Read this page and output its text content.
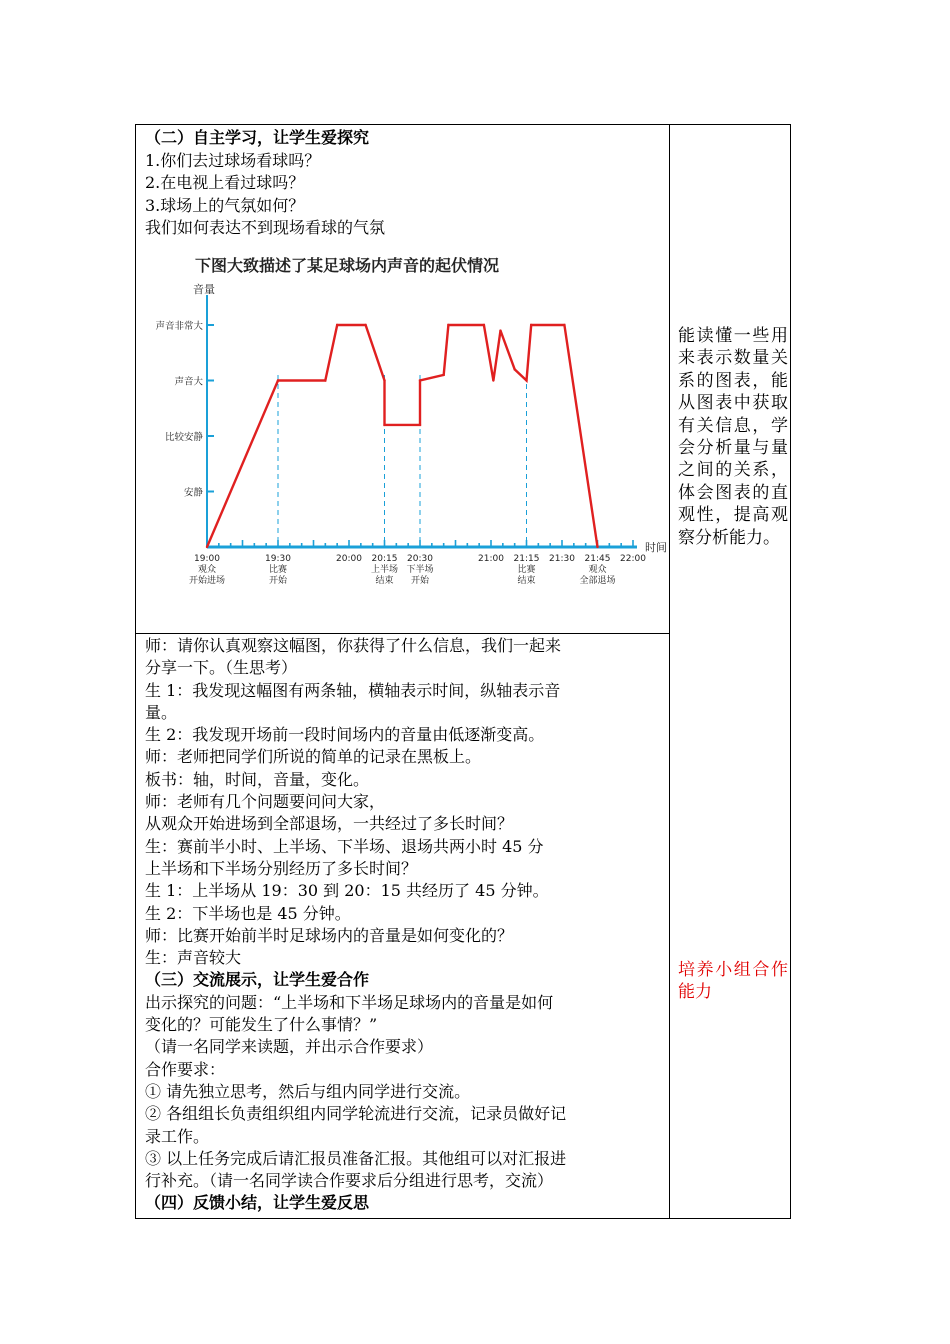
（二）自主学习，让学生爱探究
1.你们去过球场看球吗？
2.在电视上看过球吗？
3.球场上的气氛如何？
我们如何表达不到现场看球的气氛
下图大致描述了某足球场内声音的起伏情况
音量
时间
安静
比较安静
声音大
声音非常大
19:00
观众
开始进场
19:30
比赛
开始
20:00 20:15
上半场
结束
20:30
下半场
开始
21:00 21:15
比赛
结束
21:30 21:45
观众
全部退场
22:00
师：请你认真观察这幅图，你获得了什么信息，我们一起来
分享一下。（生思考）
生 1：我发现这幅图有两条轴，横轴表示时间，纵轴表示音
量。
生 2：我发现开场前一段时间场内的音量由低逐渐变高。
师：老师把同学们所说的简单的记录在黑板上。
板书：轴，时间，音量，变化。
师：老师有几个问题要问问大家，
从观众开始进场到全部退场，一共经过了多长时间？
生：赛前半小时、上半场、下半场、退场共两小时 45 分
上半场和下半场分别经历了多长时间？
生 1：上半场从 19：30 到 20：15 共经历了 45 分钟。
生 2：下半场也是 45 分钟。
师：比赛开始前半时足球场内的音量是如何变化的？
生：声音较大
（三）交流展示，让学生爱合作
出示探究的问题：“上半场和下半场足球场内的音量是如何
变化的？可能发生了什么事情？”
（请一名同学来读题，并出示合作要求）
合作要求：
① 请先独立思考，然后与组内同学进行交流。
② 各组组长负责组织组内同学轮流进行交流，记录员做好记
录工作。
③ 以上任务完成后请汇报员准备汇报。其他组可以对汇报进
行补充。（请一名同学读合作要求后分组进行思考，交流）
（四）反馈小结，让学生爱反思
能读懂一些用来表示数量关系的图表，能从图表中获取有关信息，学会分析量与量之间的关系，体会图表的直观性，提高观察分析能力。
培养小组合作能力
